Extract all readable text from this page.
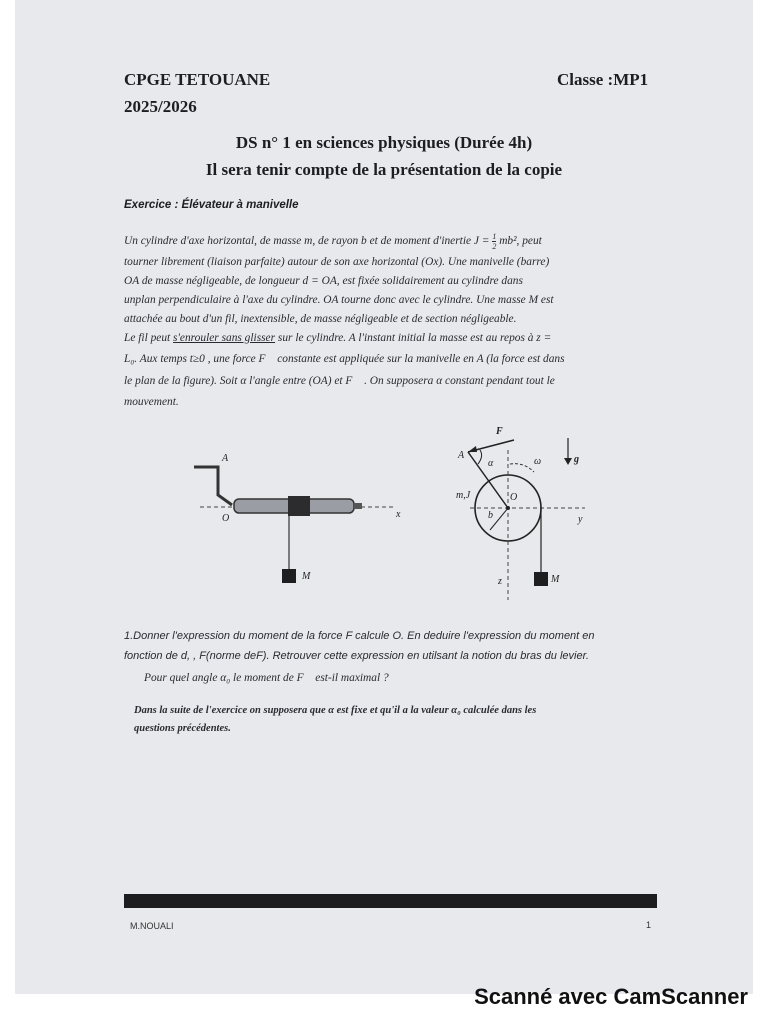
CPGE TETOUANE
2025/2026
Classe :MP1
DS n° 1 en sciences physiques (Durée 4h)
Il sera tenir compte de la présentation de la copie
Exercice : Élévateur à manivelle
Un cylindre d'axe horizontal, de masse m, de rayon b et de moment d'inertie $J = \frac{1}{2} mb^2$, peut
tourner librement (liaison parfaite) autour de son axe horizontal (Ox). Une manivelle (barre)
OA de masse négligeable, de longueur d = OA, est fixée solidairement au cylindre dans
unplan perpendiculaire à l'axe du cylindre. OA tourne donc avec le cylindre. Une masse M est
attachée au bout d'un fil, inextensible, de masse négligeable et de section négligeable.
Le fil peut s'enrouler sans glisser sur le cylindre. A l'instant initial la masse est au repos à z =
L₀. Aux temps t≥0 , une force F⃗ constante est appliquée sur la manivelle en A (la force est dans
le plan de la figure). Soit α l'angle entre (OA) et F⃗ . On supposera α constant pendant tout le
mouvement.
A
O	x
M
F⃗
A
α	ω	g⃗
m,J	O
b	y
z	M
1.Donner l'expression du moment de la force F calcule O. En deduire l'expression du moment en
fonction de d, , F(norme deF). Retrouver cette expression en utilsant la notion du bras du levier.
Pour quel angle α₀ le moment de F⃗ est-il maximal ?
Dans la suite de l'exercice on supposera que α est fixe et qu'il a la valeur α₀ calculée dans les
questions précédentes.
M.NOUALI	1
Scanné avec CamScanner
